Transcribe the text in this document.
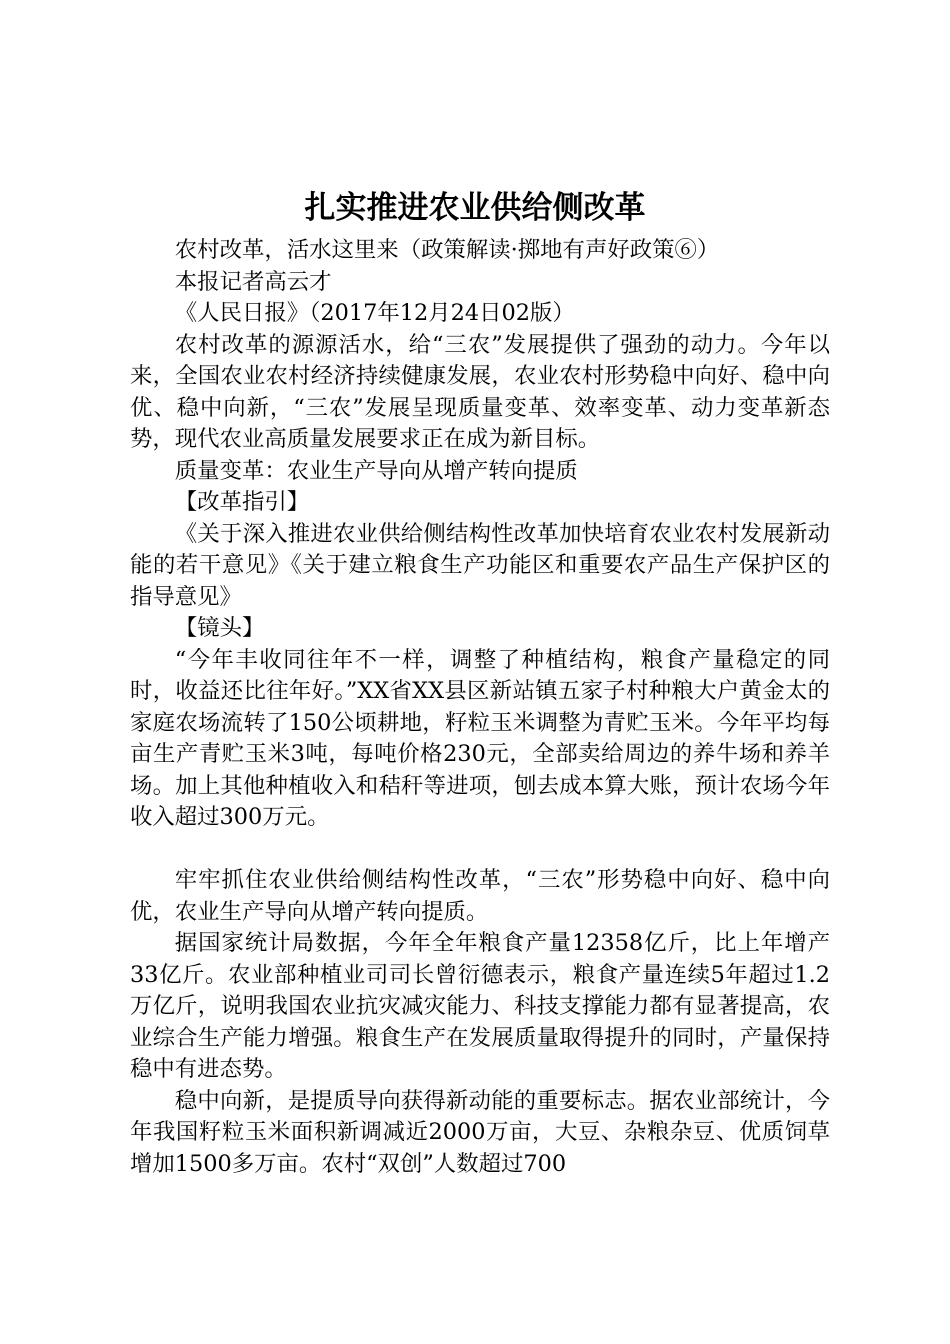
扎实推进农业供给侧改革

农村改革，活水这里来（政策解读·掷地有声好政策⑥）

本报记者高云才

《人民日报》（2017年12月24日02版）

农村改革的源源活水，给“三农”发展提供了强劲的动力。今年以来，全国农业农村经济持续健康发展，农业农村形势稳中向好、稳中向优、稳中向新，“三农”发展呈现质量变革、效率变革、动力变革新态势，现代农业高质量发展要求正在成为新目标。

质量变革：农业生产导向从增产转向提质

【改革指引】

《关于深入推进农业供给侧结构性改革加快培育农业农村发展新动能的若干意见》《关于建立粮食生产功能区和重要农产品生产保护区的指导意见》

【镜头】

“今年丰收同往年不一样，调整了种植结构，粮食产量稳定的同时，收益还比往年好。”XX省XX县区新站镇五家子村种粮大户黄金太的家庭农场流转了150公顷耕地，籽粒玉米调整为青贮玉米。今年平均每亩生产青贮玉米3吨，每吨价格230元，全部卖给周边的养牛场和养羊场。加上其他种植收入和秸秆等进项，刨去成本算大账，预计农场今年收入超过300万元。

牢牢抓住农业供给侧结构性改革，“三农”形势稳中向好、稳中向优，农业生产导向从增产转向提质。

据国家统计局数据，今年全年粮食产量12358亿斤，比上年增产33亿斤。农业部种植业司司长曾衍德表示，粮食产量连续5年超过1.2万亿斤，说明我国农业抗灾减灾能力、科技支撑能力都有显著提高，农业综合生产能力增强。粮食生产在发展质量取得提升的同时，产量保持稳中有进态势。

稳中向新，是提质导向获得新动能的重要标志。据农业部统计，今年我国籽粒玉米面积新调减近2000万亩，大豆、杂粮杂豆、优质饲草增加1500多万亩。农村“双创”人数超过700
